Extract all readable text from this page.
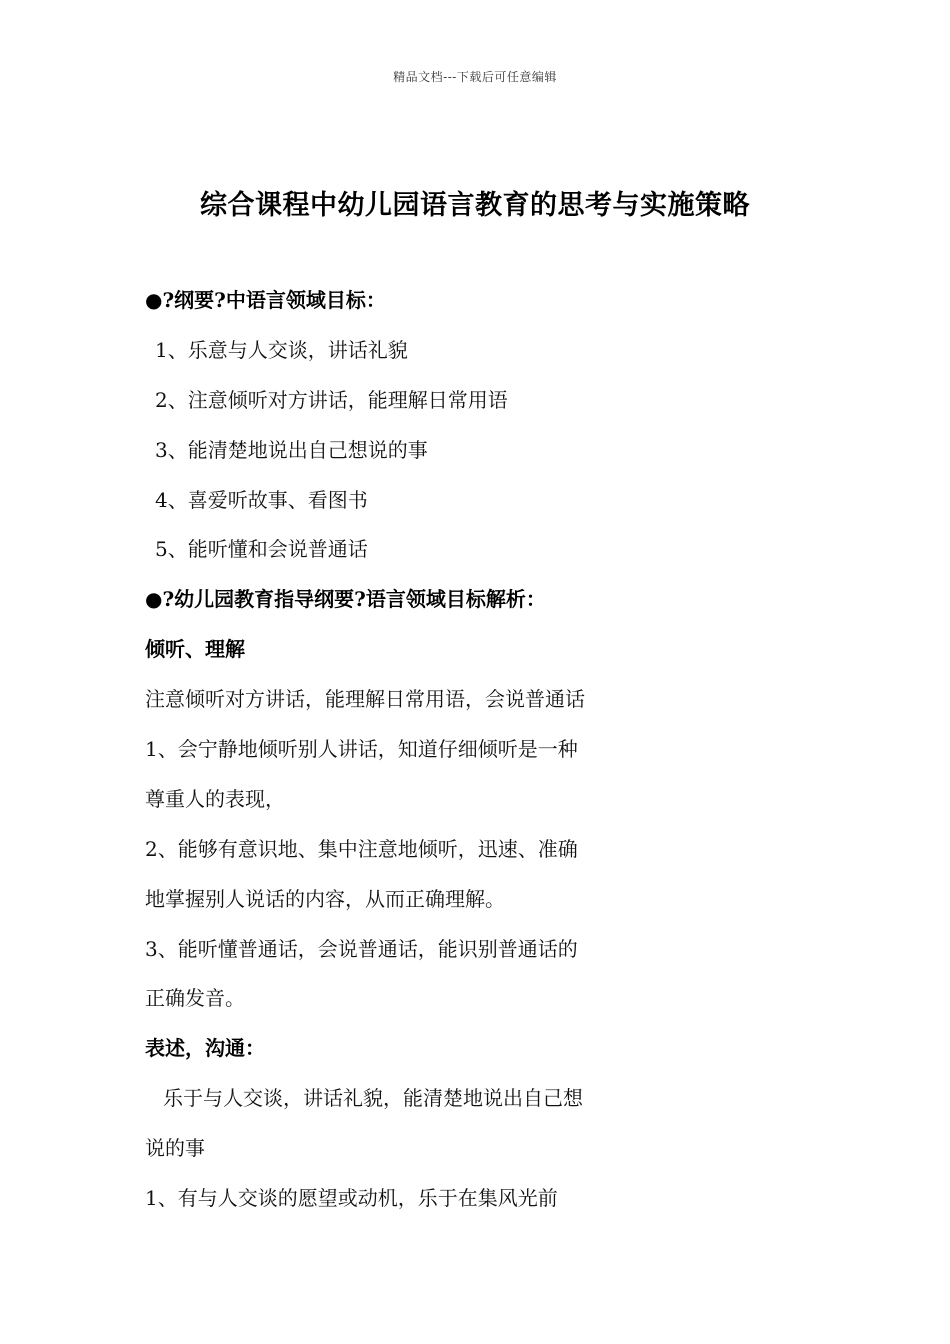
精品文档---下载后可任意编辑
综合课程中幼儿园语言教育的思考与实施策略
●?纲要?中语言领域目标：
1、乐意与人交谈，讲话礼貌
2、注意倾听对方讲话，能理解日常用语
3、能清楚地说出自己想说的事
4、喜爱听故事、看图书
5、能听懂和会说普通话
●?幼儿园教育指导纲要?语言领域目标解析：
倾听、理解
注意倾听对方讲话，能理解日常用语，会说普通话
1、会宁静地倾听别人讲话，知道仔细倾听是一种
尊重人的表现，
2、能够有意识地、集中注意地倾听，迅速、准确
地掌握别人说话的内容，从而正确理解。
3、能听懂普通话，会说普通话，能识别普通话的
正确发音。
表述，沟通：
乐于与人交谈，讲话礼貌，能清楚地说出自己想
说的事
1、有与人交谈的愿望或动机，乐于在集风光前
